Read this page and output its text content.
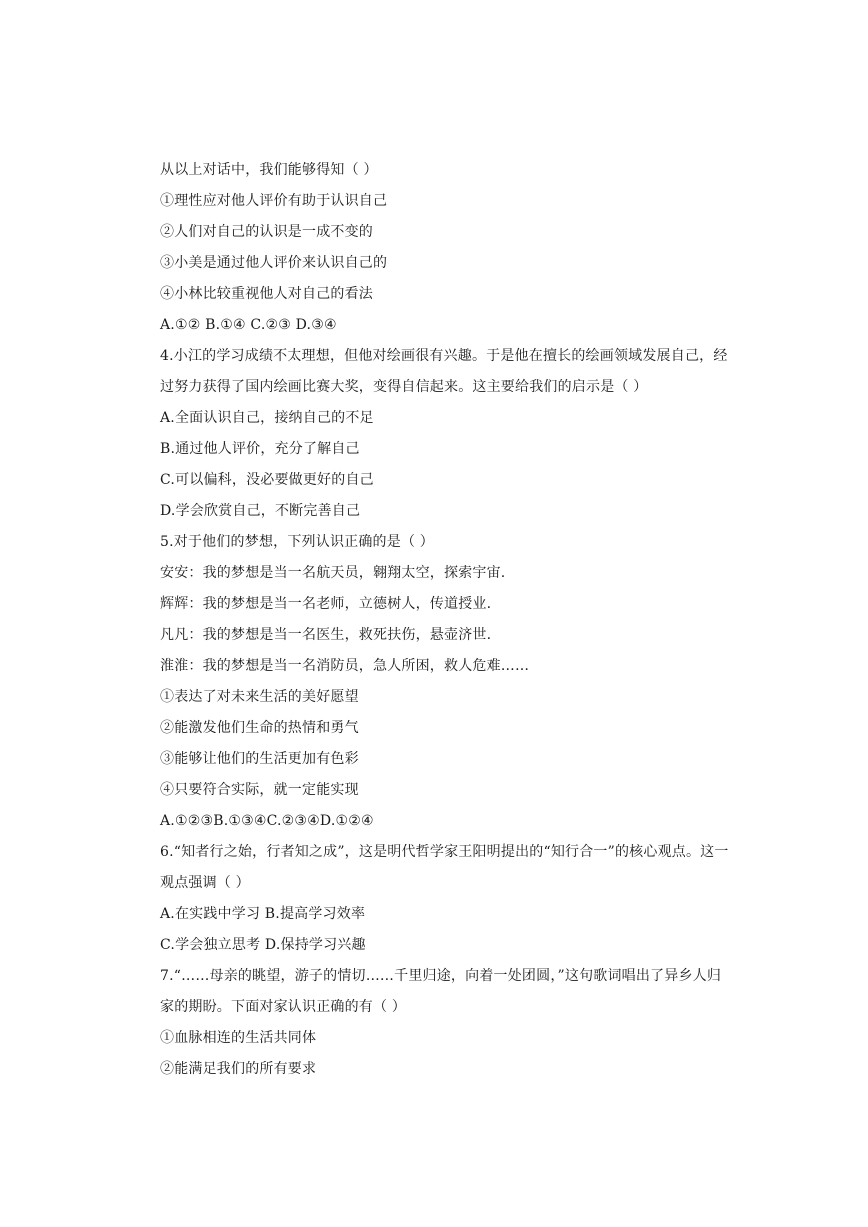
从以上对话中，我们能够得知（ ）
①理性应对他人评价有助于认识自己
②人们对自己的认识是一成不变的
③小美是通过他人评价来认识自己的
④小林比较重视他人对自己的看法
A.①② B.①④ C.②③ D.③④
4.小江的学习成绩不太理想，但他对绘画很有兴趣。于是他在擅长的绘画领域发展自己，经
过努力获得了国内绘画比赛大奖，变得自信起来。这主要给我们的启示是（ ）
A.全面认识自己，接纳自己的不足
B.通过他人评价，充分了解自己
C.可以偏科，没必要做更好的自己
D.学会欣赏自己，不断完善自己
5.对于他们的梦想，下列认识正确的是（ ）
安安：我的梦想是当一名航天员，翱翔太空，探索宇宙.
辉辉：我的梦想是当一名老师，立德树人，传道授业.
凡凡：我的梦想是当一名医生，救死扶伤，悬壶济世.
淮淮：我的梦想是当一名消防员，急人所困，救人危难……
①表达了对未来生活的美好愿望
②能激发他们生命的热情和勇气
③能够让他们的生活更加有色彩
④只要符合实际，就一定能实现
A.①②③B.①③④C.②③④D.①②④
6.“知者行之始，行者知之成”，这是明代哲学家王阳明提出的“知行合一”的核心观点。这一
观点强调（ ）
A.在实践中学习 B.提高学习效率
C.学会独立思考 D.保持学习兴趣
7.“……母亲的眺望，游子的情切……千里归途，向着一处团圆，”这句歌词唱出了异乡人归
家的期盼。下面对家认识正确的有（ ）
①血脉相连的生活共同体
②能满足我们的所有要求
